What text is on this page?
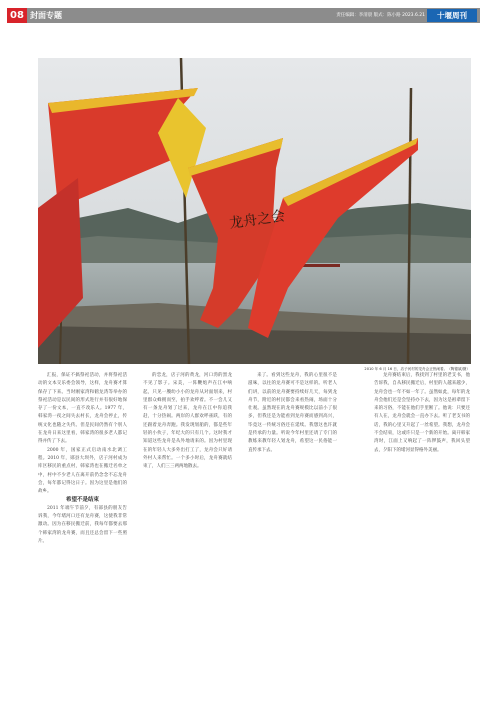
08 封面专题	责任编辑：李清晨 版式：陈小路 2023.6.21	十堰周刊
龙舟之会
2010 年 6 月 16 日，店子河村的龙舟会正热闹着。（陶德斌/摄）

汇报，保证不搞祭祀活动，并将祭祀活动的文本交乐委会领导，这样，龙舟赛才算保存了下来。当时刚家湾和鹤龙湾等举办的祭祀活动是以民间的形式进行并有很好地保存了一份文本，一直不改乐人。1977 年，韩家湾一夜之间失去村长，龙舟会停止，传统文化也随之失传。但是民间仍然有个别人在龙舟日来这里看，韩家湾的很多老人都记得并传了下去。

2000 年，国家正式启动南水北调工程。2010 年，郧县大坝外，店子河村成为库区移民的重点村，韩家湾也在搬迁名单之中，村中不少老人在离开前仍念念不忘龙舟会，每年都记得这日子。因为这里是他们的故乡。

希望不是结束

2011 年端午节前夕，有部县的朋友告诉我，今年堵河口还有龙舟赛，这使我非常激动。因为在移民搬迁前，我每年都要去那个韩家湾的龙舟赛，而且还总会留下一些照片。

的恋龙，店子河的黄龙，河口湾的黑龙不见了影子。宋美，一阵鞭炮声在江中响起，只见一艘幼小小的龙舟从对面划来，村里群众蜂拥而至，拍手欢呼着。不一会儿又有一条龙舟划了过来，龙舟在江中你追我赶，十分热闹。两岸的人群欢呼雀跃，有的还跟着龙舟奔跑。我发现划船的，都是些年轻的小伙子，年纪大的只有几个。这时我才知道这些龙舟是从外地请来的。因为村里现在的年轻人大多外出打工了，龙舟会只好请外村人来帮忙。一个多小时后，龙舟赛就结束了，人们三三两两地散去。

来了。看到这些龙舟，我的心里很不是滋味，以往的龙舟赛可不是这样的。听老人们讲，以前的龙舟赛要持续好几天，每到龙舟节，附近的村民都会来看热闹，场面十分壮观。虽然现在的龙舟赛规模比以前小了很多，但我还是为能看到龙舟赛而感到高兴，毕竟这一传统习俗还在延续。我想这也许就是传承的力量。听说今年村里还请了专门的教练来教年轻人划龙舟，希望这一民俗能一直传承下去。

龙舟赛结束后，我找到了村里的老支书，他告诉我，自从移民搬迁后，村里的人越来越少，龙舟会也一年不如一年了。虽然如此，每年的龙舟会他们还是会坚持办下去，因为这是祖辈留下来的习俗，不能在他们手里断了。他说：只要还有人在，龙舟会就会一直办下去。听了老支书的话，我的心里又升起了一丝希望。我想，龙舟会不会结束，这或许只是一个新的开始。离开韩家湾时，江面上又响起了一阵锣鼓声，我回头望去，夕阳下的堵河显得格外美丽。
